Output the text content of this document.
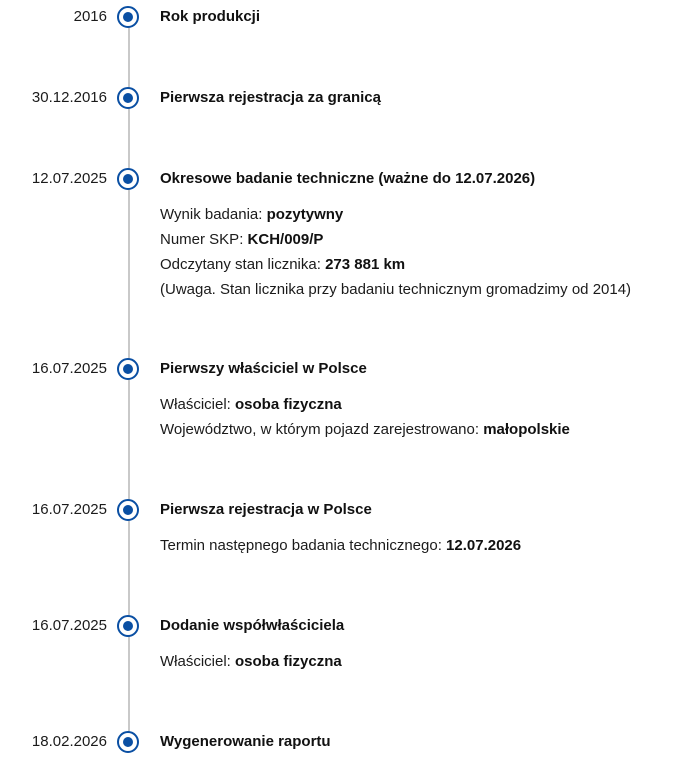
2016	Rok produkcji
30.12.2016	Pierwsza rejestracja za granicą
12.07.2025	Okresowe badanie techniczne (ważne do 12.07.2026)
Wynik badania: pozytywny
Numer SKP: KCH/009/P
Odczytany stan licznika: 273 881 km
(Uwaga. Stan licznika przy badaniu technicznym gromadzimy od 2014)
16.07.2025	Pierwszy właściciel w Polsce
Właściciel: osoba fizyczna
Województwo, w którym pojazd zarejestrowano: małopolskie
16.07.2025	Pierwsza rejestracja w Polsce
Termin następnego badania technicznego: 12.07.2026
16.07.2025	Dodanie współwłaściciela
Właściciel: osoba fizyczna
18.02.2026	Wygenerowanie raportu
